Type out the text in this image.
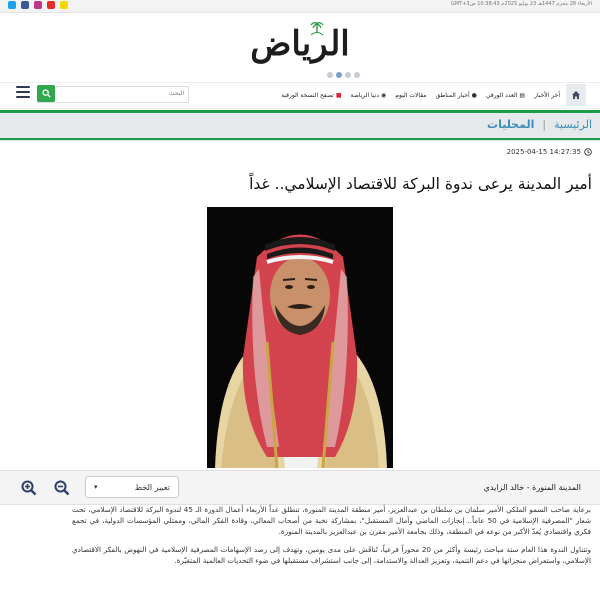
الأربعاء 28 محرم 1447هـ 23 يوليو 2025م 10:38:43 صGMT+3
الرياض
آخر الأخبار
▤
العدد الورقي
●
أخبار المناطق
مقالات اليوم
◉
دنيا الرياضة
■
تصفح النسخة الورقية
البحث
الرئيسية
|
المحليات
2025-04-15 14:27:35
أمير المدينة يرعى ندوة البركة للاقتصاد الإسلامي.. غداً
المدينة المنورة - خالد الزايدي
▾	تغيير الخط

برعاية صاحب السمو الملكي الأمير سلمان بن سلطان بن عبدالعزيز، أمير منطقة المدينة المنورة، تنطلق غداً الأربعاء أعمال الدورة الـ 45 لندوة البركة للاقتصاد الإسلامي، تحت شعار "المصرفية الإسلامية في 50 عاماً.. إنجازات الماضي وآمال المستقبل"، بمشاركة نخبة من أصحاب المعالي، وقادة الفكر المالي، وممثلي المؤسسات الدولية، في تجمع فكري واقتصادي يُعدّ الأكبر من نوعه في المنطقة، وذلك بجامعة الأمير مقرن بن عبدالعزيز بالمدينة المنورة.

وتتناول الندوة هذا العام ستة مباحث رئيسة وأكثر من 20 محوراً فرعياً، تُناقَش على مدى يومين، وتهدف إلى رصد الإسهامات المصرفية الإسلامية في النهوض بالفكر الاقتصادي الإسلامي، واستعراض منجزاتها في دعم التنمية، وتعزيز العدالة والاستدامة، إلى جانب استشراف مستقبلها في ضوء التحديات العالمية المتغيّرة.
